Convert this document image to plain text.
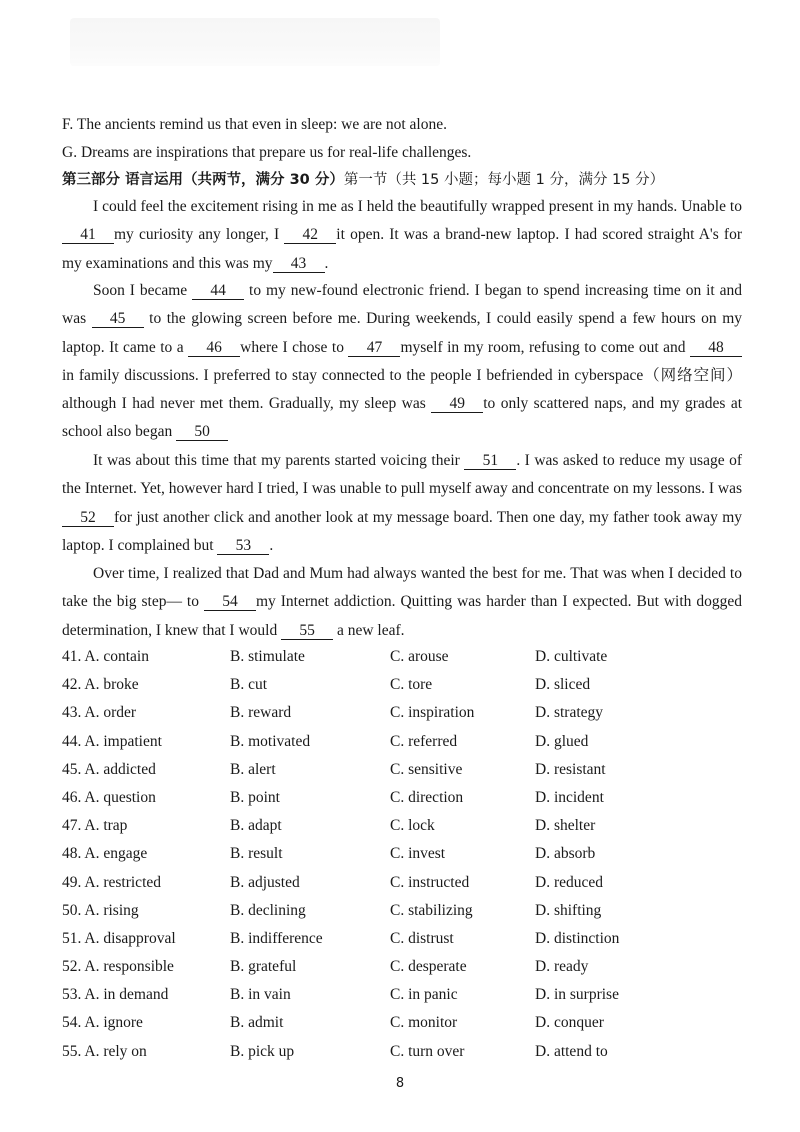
F. The ancients remind us that even in sleep: we are not alone.
G. Dreams are inspirations that prepare us for real-life challenges.
第三部分 语言运用（共两节，满分 30 分）第一节（共 15 小题；每小题 1 分，满分 15 分）
I could feel the excitement rising in me as I held the beautifully wrapped present in my hands. Unable to41 my curiosity any longer, I 42 it open. It was a brand-new laptop. I had scored straight A's for my examinations and this was my 43 .
Soon I became 44 to my new-found electronic friend. I began to spend increasing time on it and was 45 to the glowing screen before me. During weekends, I could easily spend a few hours on my laptop. It came to a 46 where I chose to 47 myself in my room, refusing to come out and 48 in family discussions. I preferred to stay connected to the people I befriended in cyberspace（网络空间）although I had never met them. Gradually, my sleep was 49 to only scattered naps, and my grades at school also began 50
It was about this time that my parents started voicing their 51 . I was asked to reduce my usage of the Internet. Yet, however hard I tried, I was unable to pull myself away and concentrate on my lessons. I was 52 for just another click and another look at my message board. Then one day, my father took away my laptop. I complained but 53 .
Over time, I realized that Dad and Mum had always wanted the best for me. That was when I decided to take the big step— to 54 my Internet addiction. Quitting was harder than I expected. But with dogged determination, I knew that I would 55 a new leaf.
41. A. contain	B. stimulate	C. arouse	D. cultivate
42. A. broke	B. cut	C. tore	D. sliced
43. A. order	B. reward	C. inspiration	D. strategy
44. A. impatient	B. motivated	C. referred	D. glued
45. A. addicted	B. alert	C. sensitive	D. resistant
46. A. question	B. point	C. direction	D. incident
47. A. trap	B. adapt	C. lock	D. shelter
48. A. engage	B. result	C. invest	D. absorb
49. A. restricted	B. adjusted	C. instructed	D. reduced
50. A. rising	B. declining	C. stabilizing	D. shifting
51. A. disapproval	B. indifference	C. distrust	D. distinction
52. A. responsible	B. grateful	C. desperate	D. ready
53. A. in demand	B. in vain	C. in panic	D. in surprise
54. A. ignore	B. admit	C. monitor	D. conquer
55. A. rely on	B. pick up	C. turn over	D. attend to
8
